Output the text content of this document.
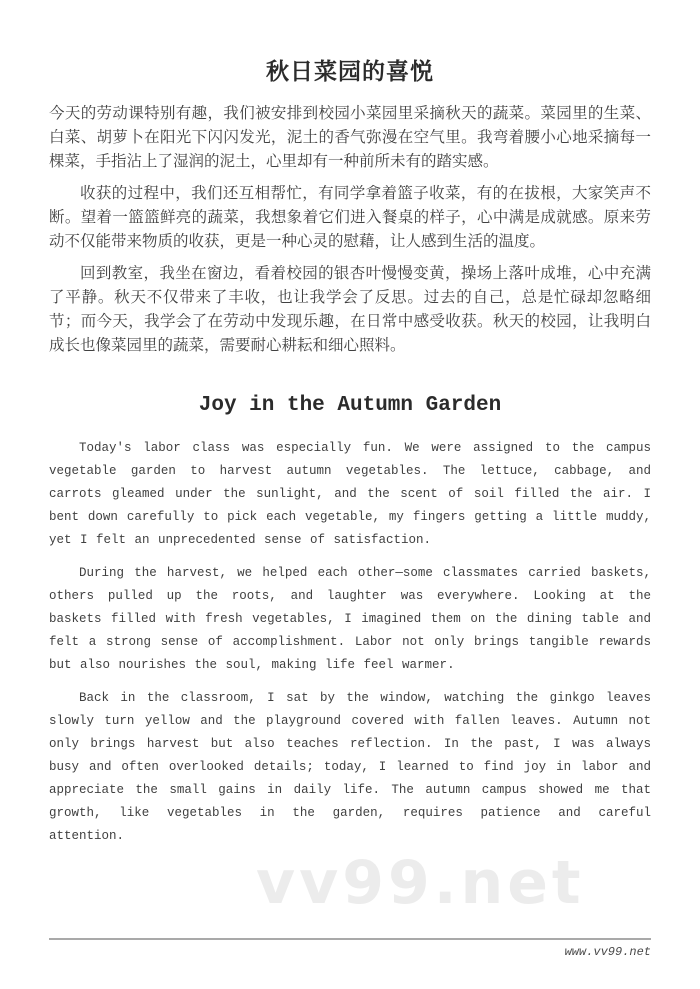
秋日菜园的喜悦

今天的劳动课特别有趣，我们被安排到校园小菜园里采摘秋天的蔬菜。菜园里的生菜、白菜、胡萝卜在阳光下闪闪发光，泥土的香气弥漫在空气里。我弯着腰小心地采摘每一棵菜，手指沾上了湿润的泥土，心里却有一种前所未有的踏实感。

收获的过程中，我们还互相帮忙，有同学拿着篮子收菜，有的在拔根，大家笑声不断。望着一篮篮鲜亮的蔬菜，我想象着它们进入餐桌的样子，心中满是成就感。原来劳动不仅能带来物质的收获，更是一种心灵的慰藉，让人感到生活的温度。

回到教室，我坐在窗边，看着校园的银杏叶慢慢变黄，操场上落叶成堆，心中充满了平静。秋天不仅带来了丰收，也让我学会了反思。过去的自己，总是忙碌却忽略细节；而今天，我学会了在劳动中发现乐趣，在日常中感受收获。秋天的校园，让我明白成长也像菜园里的蔬菜，需要耐心耕耘和细心照料。

Joy in the Autumn Garden

Today's labor class was especially fun. We were assigned to the campus vegetable garden to harvest autumn vegetables. The lettuce, cabbage, and carrots gleamed under the sunlight, and the scent of soil filled the air. I bent down carefully to pick each vegetable, my fingers getting a little muddy, yet I felt an unprecedented sense of satisfaction.

During the harvest, we helped each other—some classmates carried baskets, others pulled up the roots, and laughter was everywhere. Looking at the baskets filled with fresh vegetables, I imagined them on the dining table and felt a strong sense of accomplishment. Labor not only brings tangible rewards but also nourishes the soul, making life feel warmer.

Back in the classroom, I sat by the window, watching the ginkgo leaves slowly turn yellow and the playground covered with fallen leaves. Autumn not only brings harvest but also teaches reflection. In the past, I was always busy and often overlooked details; today, I learned to find joy in labor and appreciate the small gains in daily life. The autumn campus showed me that growth, like vegetables in the garden, requires patience and careful attention.

vv99.net
www.vv99.net
